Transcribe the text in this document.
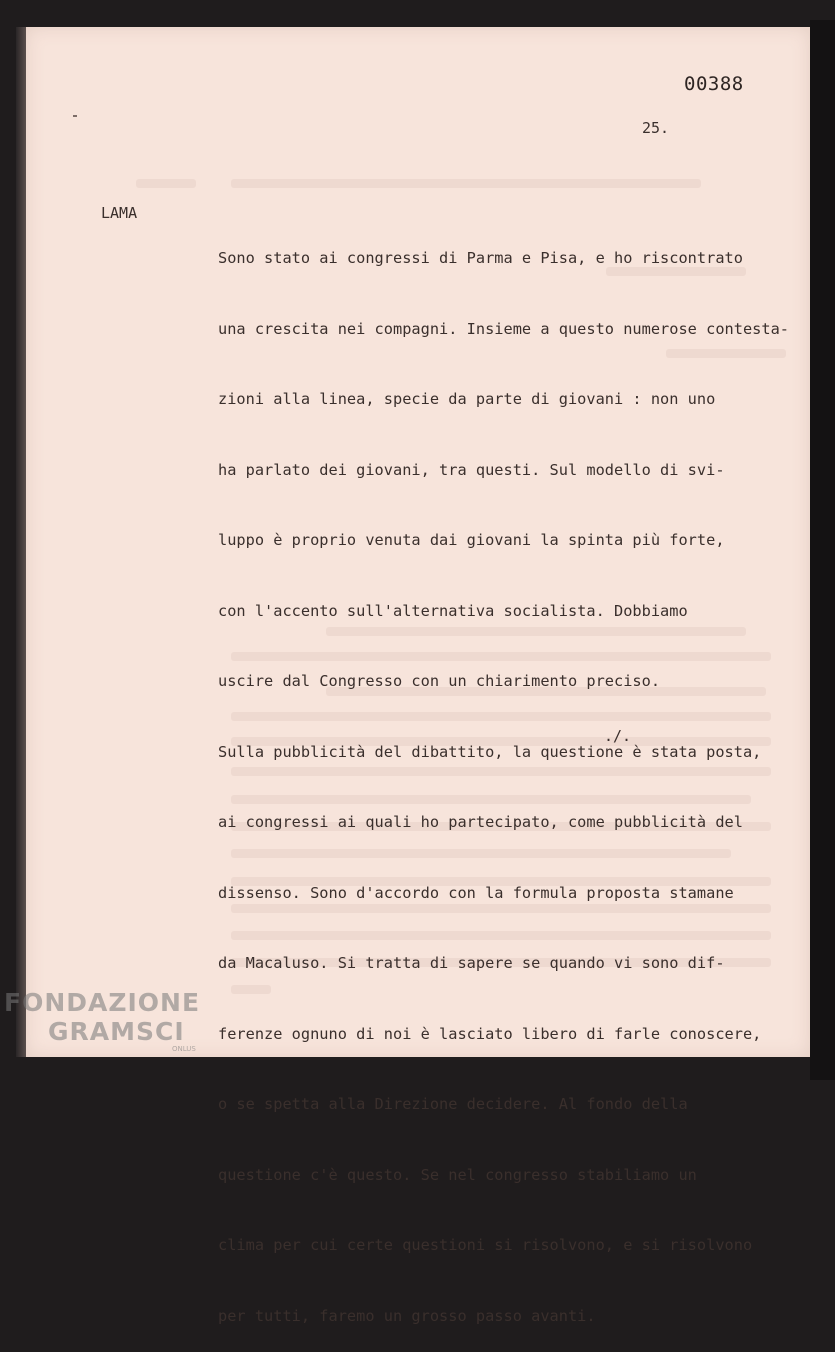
00388
25.
LAMA

Sono stato ai congressi di Parma e Pisa, e ho riscontrato

una crescita nei compagni. Insieme a questo numerose contesta-

zioni alla linea, specie da parte di giovani : non uno

ha parlato dei giovani, tra questi. Sul modello di svi-

luppo è proprio venuta dai giovani la spinta più forte,

con l'accento sull'alternativa socialista. Dobbiamo

uscire dal Congresso con un chiarimento preciso.

Sulla pubblicità del dibattito, la questione è stata posta,

ai congressi ai quali ho partecipato, come pubblicità del

dissenso. Sono d'accordo con la formula proposta stamane

da Macaluso. Si tratta di sapere se quando vi sono dif-

ferenze ognuno di noi è lasciato libero di farle conoscere,

o se spetta alla Direzione decidere. Al fondo della

questione c'è questo. Se nel congresso stabiliamo un

clima per cui certe questioni si risolvono, e si risolvono

per tutti, faremo un grosso passo avanti.

./.
FONDAZIONE
GRAMSCI
ONLUS
